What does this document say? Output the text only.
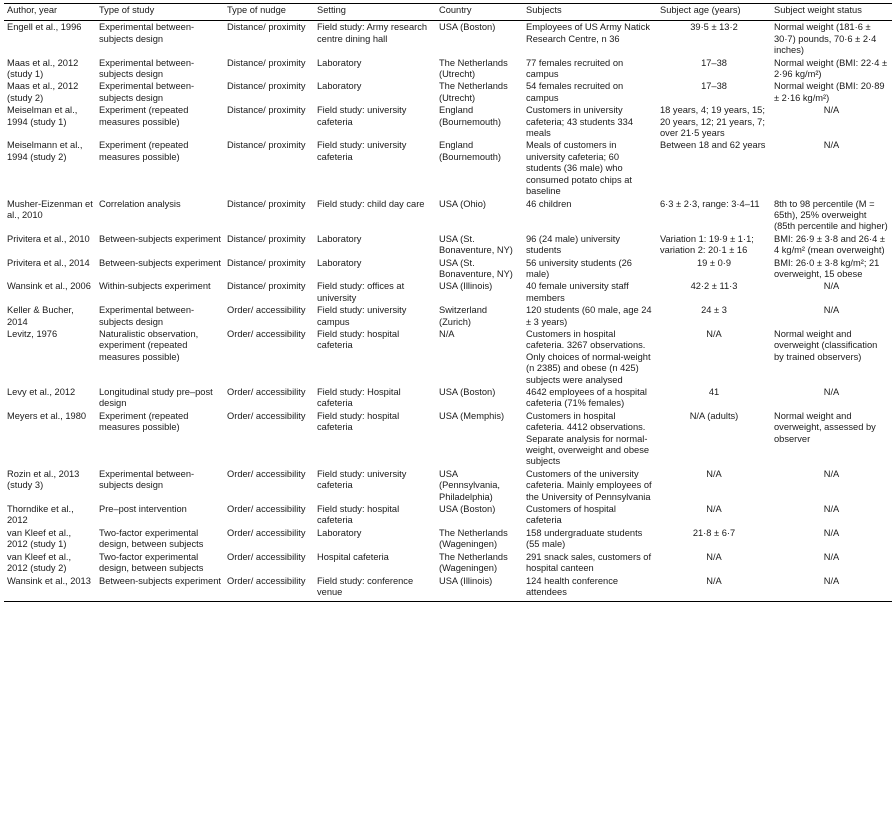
Author, year	Type of study	Type of nudge	Setting	Country	Subjects	Subject age (years)	Subject weight status
Engell et al., 1996	Experimental between-subjects design	Distance/ proximity	Field study: Army research centre dining hall	USA (Boston)	Employees of US Army Natick Research Centre, n 36	39·5 ± 13·2	Normal weight (181·6 ± 30·7) pounds, 70·6 ± 2·4 inches)
Maas et al., 2012 (study 1)	Experimental between-subjects design	Distance/ proximity	Laboratory	The Netherlands (Utrecht)	77 females recruited on campus	17–38	Normal weight (BMI: 22·4 ± 2·96 kg/m²)
Maas et al., 2012 (study 2)	Experimental between-subjects design	Distance/ proximity	Laboratory	The Netherlands (Utrecht)	54 females recruited on campus	17–38	Normal weight (BMI: 20·89 ± 2·16 kg/m²)
Meiselman et al., 1994 (study 1)	Experiment (repeated measures possible)	Distance/ proximity	Field study: university cafeteria	England (Bournemouth)	Customers in university cafeteria; 43 students 334 meals	18 years, 4; 19 years, 15; 20 years, 12; 21 years, 7; over 21·5 years	N/A
Meiselmann et al., 1994 (study 2)	Experiment (repeated measures possible)	Distance/ proximity	Field study: university cafeteria	England (Bournemouth)	Meals of customers in university cafeteria; 60 students (36 male) who consumed potato chips at baseline	Between 18 and 62 years	N/A
Musher-Eizenman et al., 2010	Correlation analysis	Distance/ proximity	Field study: child day care	USA (Ohio)	46 children	6·3 ± 2·3, range: 3·4–11	8th to 98 percentile (M = 65th), 25% overweight (85th percentile and higher)
Privitera et al., 2010	Between-subjects experiment	Distance/ proximity	Laboratory	USA (St. Bonaventure, NY)	96 (24 male) university students	Variation 1: 19·9 ± 1·1; variation 2: 20·1 ± 16	BMI: 26·9 ± 3·8 and 26·4 ± 4 kg/m² (mean overweight)
Privitera et al., 2014	Between-subjects experiment	Distance/ proximity	Laboratory	USA (St. Bonaventure, NY)	56 university students (26 male)	19 ± 0·9	BMI: 26·0 ± 3·8 kg/m²; 21 overweight, 15 obese
Wansink et al., 2006	Within-subjects experiment	Distance/ proximity	Field study: offices at university	USA (Illinois)	40 female university staff members	42·2 ± 11·3	N/A
Keller & Bucher, 2014	Experimental between-subjects design	Order/ accessibility	Field study: university campus	Switzerland (Zurich)	120 students (60 male, age 24 ± 3 years)	24 ± 3	N/A
Levitz, 1976	Naturalistic observation, experiment (repeated measures possible)	Order/ accessibility	Field study: hospital cafeteria	N/A	Customers in hospital cafeteria. 3267 observations. Only choices of normal-weight (n 2385) and obese (n 425) subjects were analysed	N/A	Normal weight and overweight (classification by trained observers)
Levy et al., 2012	Longitudinal study pre–post design	Order/ accessibility	Field study: Hospital cafeteria	USA (Boston)	4642 employees of a hospital cafeteria (71% females)	41	N/A
Meyers et al., 1980	Experiment (repeated measures possible)	Order/ accessibility	Field study: hospital cafeteria	USA (Memphis)	Customers in hospital cafeteria. 4412 observations. Separate analysis for normal-weight, overweight and obese subjects	N/A (adults)	Normal weight and overweight, assessed by observer
Rozin et al., 2013 (study 3)	Experimental between-subjects design	Order/ accessibility	Field study: university cafeteria	USA (Pennsylvania, Philadelphia)	Customers of the university cafeteria. Mainly employees of the University of Pennsylvania	N/A	N/A
Thorndike et al., 2012	Pre–post intervention	Order/ accessibility	Field study: hospital cafeteria	USA (Boston)	Customers of hospital cafeteria	N/A	N/A
van Kleef et al., 2012 (study 1)	Two-factor experimental design, between subjects	Order/ accessibility	Laboratory	The Netherlands (Wageningen)	158 undergraduate students (55 male)	21·8 ± 6·7	N/A
van Kleef et al., 2012 (study 2)	Two-factor experimental design, between subjects	Order/ accessibility	Hospital cafeteria	The Netherlands (Wageningen)	291 snack sales, customers of hospital canteen	N/A	N/A
Wansink et al., 2013	Between-subjects experiment	Order/ accessibility	Field study: conference venue	USA (Illinois)	124 health conference attendees	N/A	N/A
